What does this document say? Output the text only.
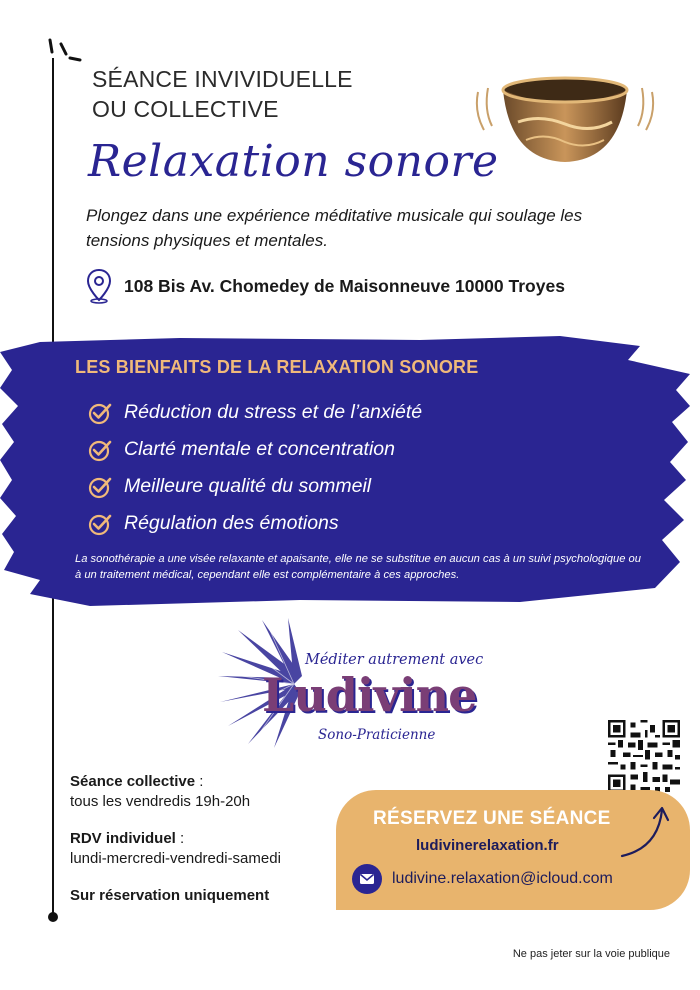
SÉANCE INVIVIDUELLE
OU COLLECTIVE
Relaxation sonore

Plongez dans une expérience méditative musicale qui soulage les tensions physiques et mentales.

108 Bis Av. Chomedey de Maisonneuve 10000 Troyes
LES BIENFAITS DE LA RELAXATION SONORE
Réduction du stress et de l’anxiété
Clarté mentale et concentration
Meilleure qualité du sommeil
Régulation des émotions

La sonothérapie a une visée relaxante et apaisante, elle ne se substitue en aucun cas à un suivi psychologique ou à un traitement médical, cependant elle est complémentaire à ces approches.

Méditer autrement avec
Ludivine
Sono-Praticienne
Séance collective :
tous les vendredis 19h-20h
RDV individuel :
lundi-mercredi-vendredi-samedi
Sur réservation uniquement
RÉSERVEZ UNE SÉANCE
ludivinerelaxation.fr
ludivine.relaxation@icloud.com
Ne pas jeter sur la voie publique
